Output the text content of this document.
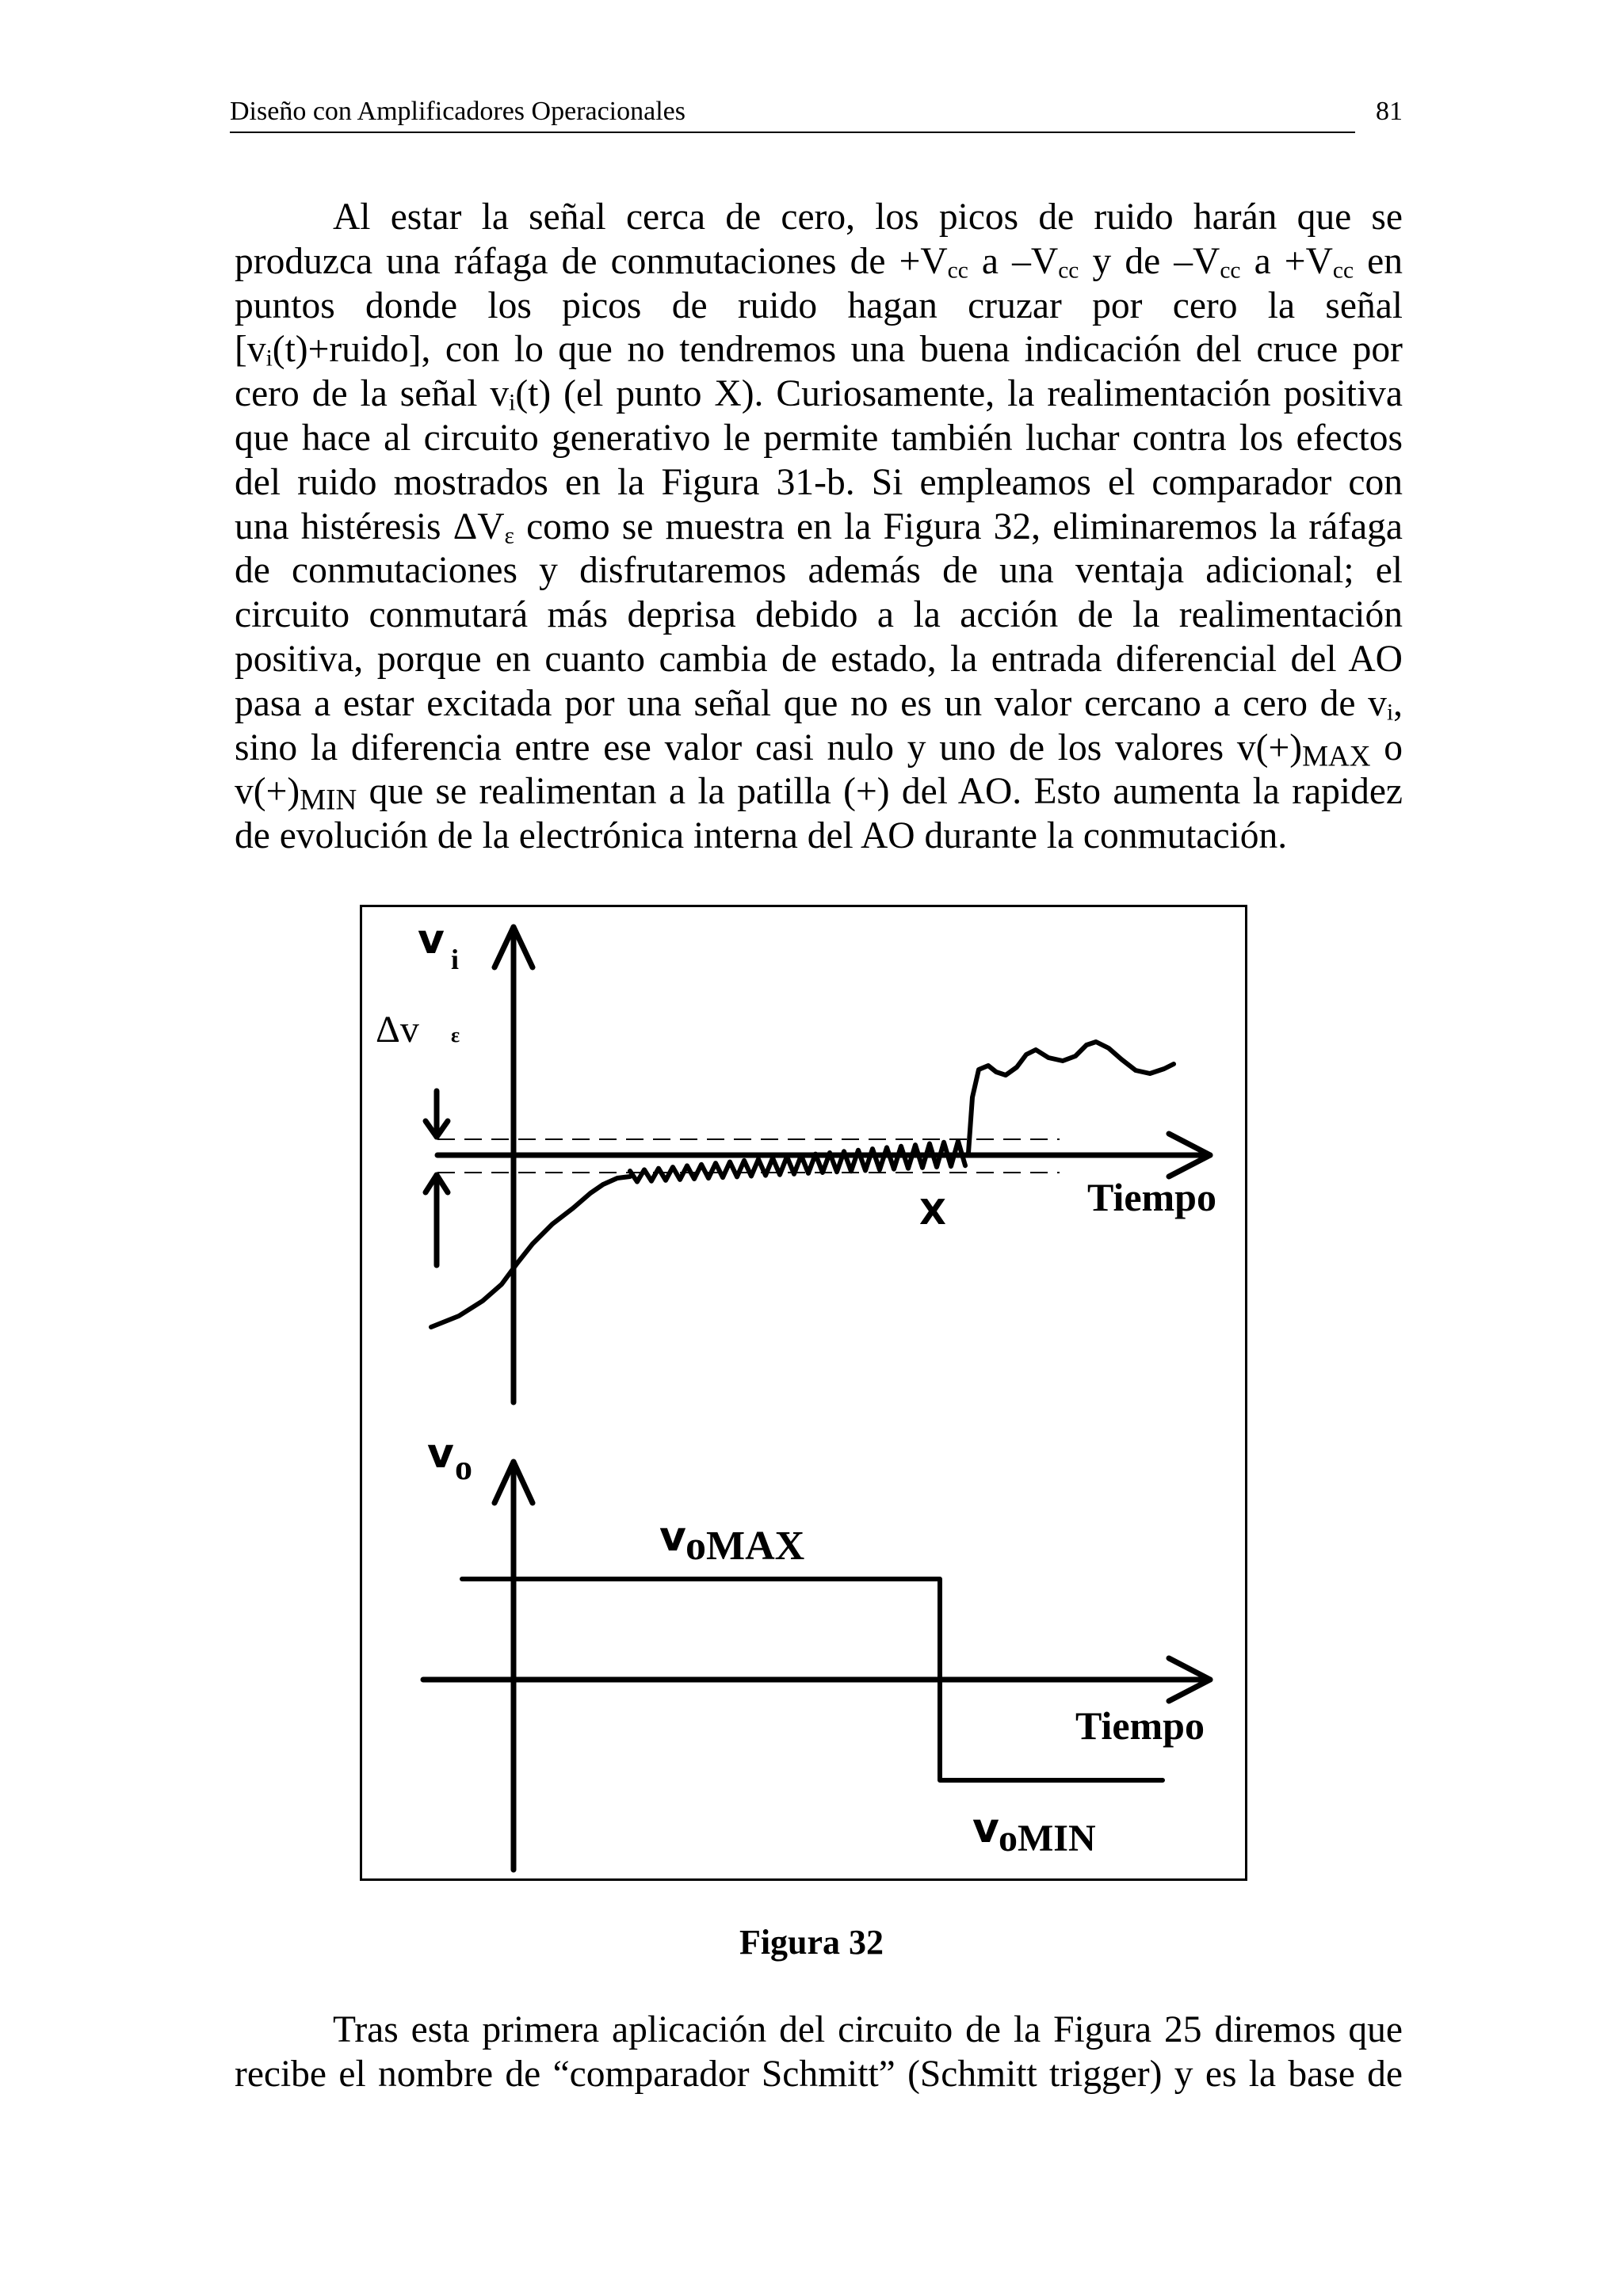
Diseño con Amplificadores Operacionales	81
Al estar la señal cerca de cero, los picos de ruido harán que se
produzca una ráfaga de conmutaciones de $+V_{cc}$ a $-V_{cc}$ y de $-V_{cc}$ $a +V_{cc}$ en
puntos donde los picos de ruido hagan cruzar por cero la señal
$[v_i(t)+ruido]$, con lo que no tendremos una buena indicación del cruce por
cero de la señal $v_i(t)$ (el punto X). Curiosamente, la realimentación positiva
que hace al circuito generativo le permite también luchar contra los efectos
del ruido mostrados en la Figura 31-b. Si empleamos el comparador con
una histéresis $\Delta V_\varepsilon$ como se muestra en la Figura 32, eliminaremos la ráfaga
de conmutaciones y disfrutaremos además de una ventaja adicional; el
circuito conmutará más deprisa debido a la acción de la realimentación
positiva, porque en cuanto cambia de estado, la entrada diferencial del AO
pasa a estar excitada por una señal que no es un valor cercano a cero de $v_i$,
sino la diferencia entre ese valor casi nulo y uno de los valores $v(+)_{MAX}$ o
$v(+)_{MIN}$ que se realimentan a la patilla (+) del AO. Esto aumenta la rapidez
de evolución de la electrónica interna del AO durante la conmutación.
v i
Δv ε
X	Tiempo
v o
v oMAX
Tiempo
v oMIN
Figura 32
Tras esta primera aplicación del circuito de la Figura 25 diremos que
recibe el nombre de “comparador Schmitt” (Schmitt trigger) y es la base de
